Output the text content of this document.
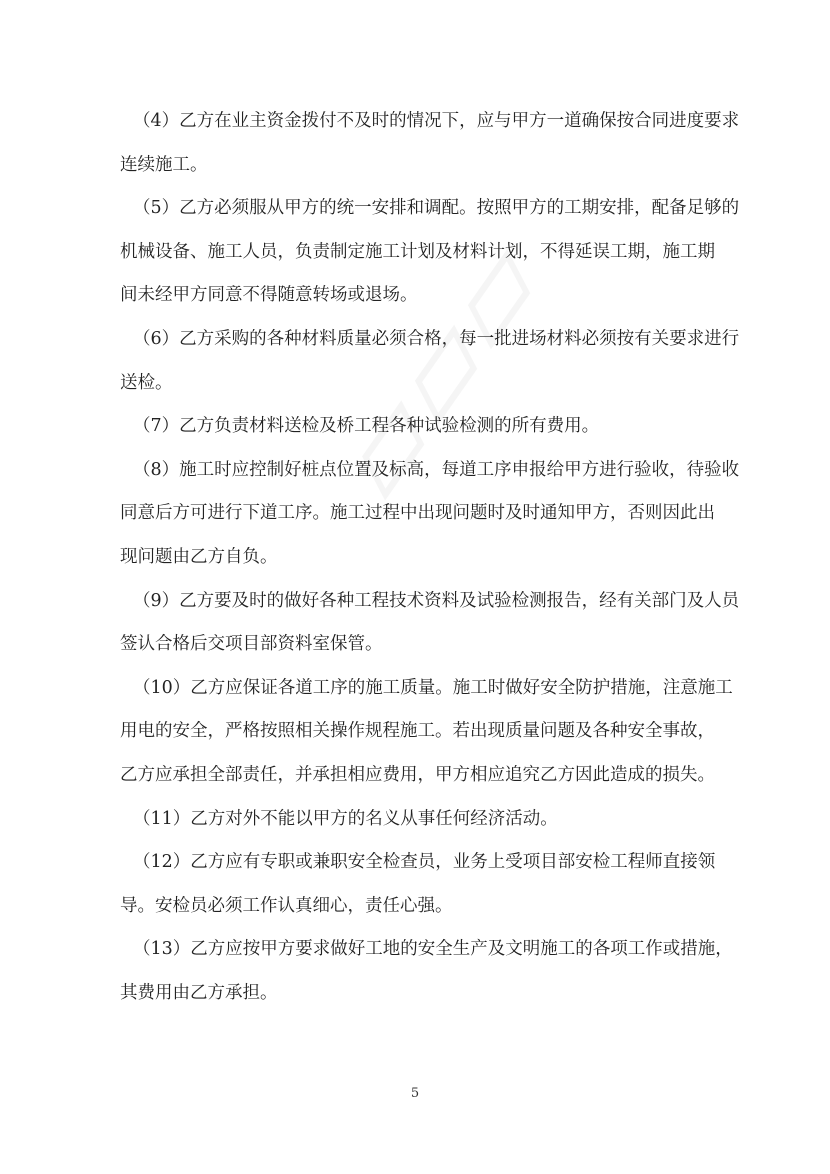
（4）乙方在业主资金拨付不及时的情况下，应与甲方一道确保按合同进度要求
连续施工。
（5）乙方必须服从甲方的统一安排和调配。按照甲方的工期安排，配备足够的
机械设备、施工人员，负责制定施工计划及材料计划，不得延误工期，施工期
间未经甲方同意不得随意转场或退场。
（6）乙方采购的各种材料质量必须合格，每一批进场材料必须按有关要求进行
送检。
（7）乙方负责材料送检及桥工程各种试验检测的所有费用。
（8）施工时应控制好桩点位置及标高，每道工序申报给甲方进行验收，待验收
同意后方可进行下道工序。施工过程中出现问题时及时通知甲方，否则因此出
现问题由乙方自负。
（9）乙方要及时的做好各种工程技术资料及试验检测报告，经有关部门及人员
签认合格后交项目部资料室保管。
（10）乙方应保证各道工序的施工质量。施工时做好安全防护措施，注意施工
用电的安全，严格按照相关操作规程施工。若出现质量问题及各种安全事故，
乙方应承担全部责任，并承担相应费用，甲方相应追究乙方因此造成的损失。
（11）乙方对外不能以甲方的名义从事任何经济活动。
（12）乙方应有专职或兼职安全检查员，业务上受项目部安检工程师直接领
导。安检员必须工作认真细心，责任心强。
（13）乙方应按甲方要求做好工地的安全生产及文明施工的各项工作或措施，
其费用由乙方承担。
5
